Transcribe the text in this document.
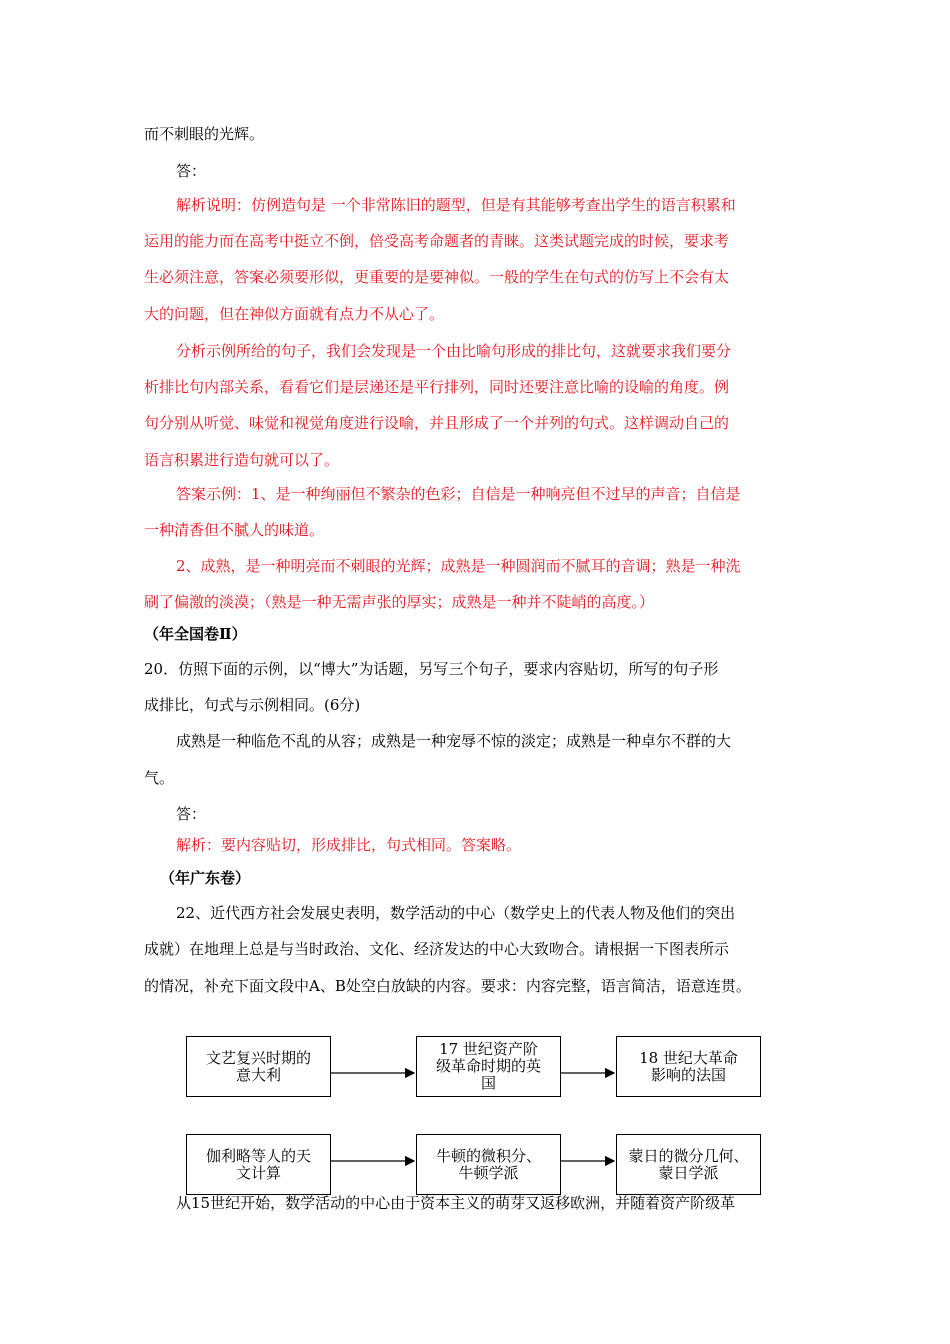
而不刺眼的光辉。
答：
解析说明：仿例造句是 一个非常陈旧的题型，但是有其能够考查出学生的语言积累和
运用的能力而在高考中挺立不倒，倍受高考命题者的青睐。这类试题完成的时候，要求考
生必须注意，答案必须要形似，更重要的是要神似。一般的学生在句式的仿写上不会有太
大的问题，但在神似方面就有点力不从心了。
分析示例所给的句子，我们会发现是一个由比喻句形成的排比句，这就要求我们要分
析排比句内部关系，看看它们是层递还是平行排列，同时还要注意比喻的设喻的角度。例
句分别从听觉、味觉和视觉角度进行设喻，并且形成了一个并列的句式。这样调动自己的
语言积累进行造句就可以了。
答案示例：1、是一种绚丽但不繁杂的色彩；自信是一种响亮但不过早的声音；自信是
一种清香但不腻人的味道。
2、成熟，是一种明亮而不刺眼的光辉；成熟是一种圆润而不腻耳的音调；熟是一种洗
刷了偏激的淡漠；（熟是一种无需声张的厚实；成熟是一种并不陡峭的高度。）
（年全国卷Ⅱ）
20．仿照下面的示例，以“博大”为话题，另写三个句子，要求内容贴切，所写的句子形
成排比，句式与示例相同。(6分)
成熟是一种临危不乱的从容；成熟是一种宠辱不惊的淡定；成熟是一种卓尔不群的大
气。
答：
解析：要内容贴切，形成排比，句式相同。答案略。
（年广东卷）
22、近代西方社会发展史表明，数学活动的中心（数学史上的代表人物及他们的突出
成就）在地理上总是与当时政治、文化、经济发达的中心大致吻合。请根据一下图表所示
的情况，补充下面文段中A、B处空白放缺的内容。要求：内容完整，语言简洁，语意连贯。
文艺复兴时期的
意大利
17 世纪资产阶
级革命时期的英
国
18 世纪大革命
影响的法国
伽利略等人的天
文计算
牛顿的微积分、
牛顿学派
蒙日的微分几何、
蒙日学派
从15世纪开始，数学活动的中心由于资本主义的萌芽又返移欧洲，并随着资产阶级革
